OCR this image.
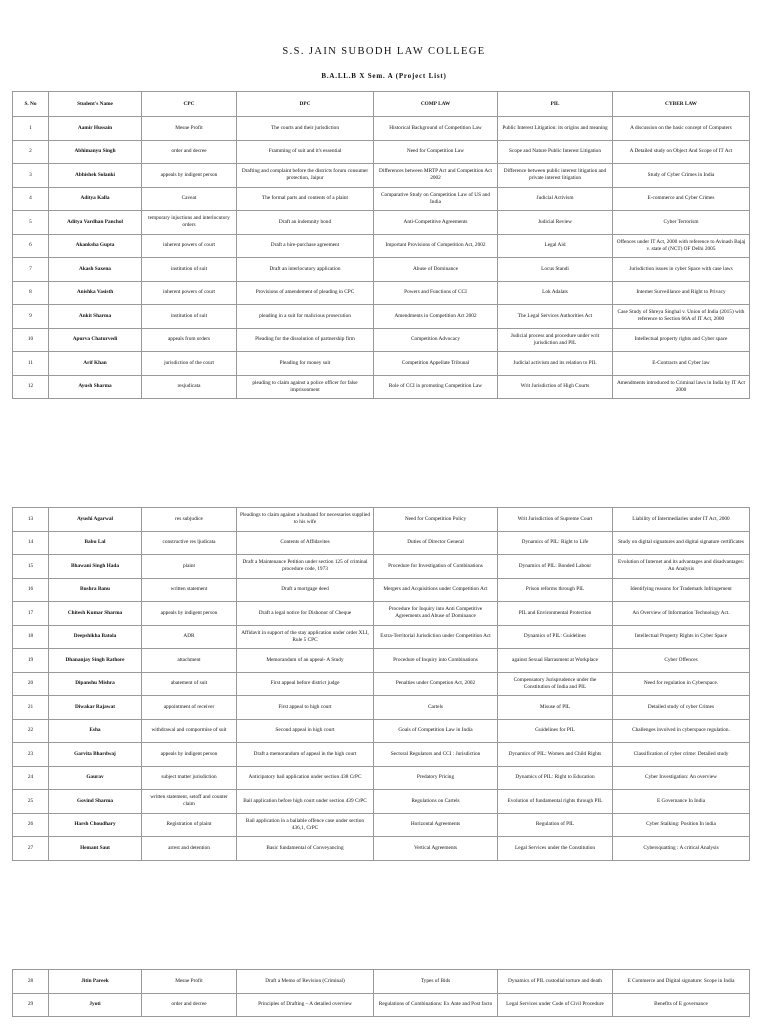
S.S. JAIN SUBODH LAW COLLEGE
B.A.LL.B X Sem. A (Project List)
S. No	Student's Name	CPC	DPC	COMP LAW	PIL	CYBER LAW
1	Aamir Hussain	Mesne Profit	The courts and their jurisdiction	Historical Background of Competition Law	Public Interest Litigation: its origins and meaning	A discussion on the basic concept of Computers
2	Abhimanyu Singh	order and decree	Framming of suit and it's essential	Need for Competition Law	Scope and Nature Public Interest Litigation	A Detailed study on Object And Scope of IT Act
3	Abhishek Solanki	appeals by indigent person	Drafting and complaint before the districts forum consumer protection, Jaipur	Differences between MRTP Act and Competition Act 2002	Difference between public interest litigation and private interest litigation	Study of Cyber Crimes in India
4	Aditya Kalla	Caveat	The formal parts and contents of a plaint	Comparative Study on Competition Law of US and India	Judicial Activism	E-commerce and Cyber Crimes
5	Aditya Vardhan Panchol	temporary injuctions and interlocutory orders	Draft an indemnity bond	Anti-Competitive Agreements	Judicial Review	Cyber Terrorism
6	Akanksha Gupta	inherent powers of court	Draft a hire-purchase agreement	Important Provisions of Competition Act, 2002	Legal Aid	Offences under IT Act, 2000 with reference to Avinash Bajaj v. state of (NCT) OF Delhi 2005
7	Akash Saxena	institution of suit	Draft an interlocutory application	Abuse of Dominance	Locus Standi	Jurisdiction issues in cyber Space with case laws
8	Anishka Vasisth	inherent powers of court	Provisions of amendement of pleading in CPC	Powers and Functions of CCI	Lok Adalats	Internet Surveillance and Right to Privacy
9	Ankit Sharma	institution of suit	pleading in a suit for malicious prosecution	Amendments in Competition Act 2002	The Legal Services Authorities Act	Case Study of Shreya Singhal v. Union of India (2015) with reference to Section 66A of IT Act, 2000
10	Apurva Chaturvedi	appeals from orders	Pleading for the dissolution of partnership firm	Competition Advocacy	Judicial process and procedure under writ jurisdiction and PIL	Intellectual property rights and Cyber space
11	Arif Khan	jurisdiction of the court	Pleading for money suit	Competition Appellate Tribunal	Judicial activism and its relation to PIL	E-Contracts and Cyber law
12	Ayush Sharma	resjudicata	pleading to claim against a police officer for false imprisonment	Role of CCI in promoting Competition Law	Writ Jurisdiction of High Courts	Amendments introduced to Criminal laws in India by IT Act 2000
13	Ayushi Agarwal	res subjudice	Pleadings to claim against a husband for necessaries supplied to his wife	Need for Competition Policy	Writ Jurisdiction of Supreme Court	Liability of Intermediaries under IT Act, 2000
14	Babu Lal	constructive res ljudicata	Contents of Affidavites	Duties of Director General	Dynamics of PIL: Right to Life	Study on digital signatures and digital signature certificates
15	Bhawani Singh Hada	plaint	Draft a Maintenance Petition under section 125 of criminal procedure code, 1973	Procedure for Investigation of Combinations	Dynamics of PIL: Bonded Labour	Evolution of Internet and its advantages and disadvantages: An Analysis
16	Bushra Banu	written statement	Draft a mortgage deed	Mergers and Acquisitions under Competition Act	Prison reforms through PIL	Identifying reasons for Trademark Infringement
17	Chitesh Kumar Sharma	appeals by indigent person	Draft a legal notice for Dishonor of Cheque	Procedure for Inquiry into Anti Competitive Agreements and Abuse of Dominance	PIL and Environmental Protection	An Overview of Information Technology Act.
18	Deepshikha Batola	ADR	Affidavit in support of the stay application under order XLI, Rule 5 CPC	Extra-Territorial Jurisdiction under Competition Act	Dynamics of PIL: Guidelines	Intellectual Property Rights in Cyber Space
19	Dhananjay Singh Rathore	attachment	Memorandum of an appeal- A Study	Procedure of Inquiry into Combinations	against Sexual Harrasment at Workplace	Cyber Offences
20	Dipanshu Mishra	abatement of suit	First appeal before district judge	Penalties under Competion Act, 2002	Compensatory Jurisprudence under the Constitution of India and PIL	Need for regulation in Cyberspace.
21	Diwakar Rajawat	appointment of receiver	First appeal to high court	Cartels	Misuse of PIL	Detailed study of cyber Crimes
22	Esha	withdrawal and compormise of suit	Second appeal in high court	Goals of Competition Law in India	Guidelines for PIL	Challenges involved in cyberspace regulation.
23	Garvita Bhardwaj	appeals by indigent person	Draft a memorandum of appeal in the high court	Sectoral Regulators and CCI : Jurisdiction	Dynamics of PIL: Women and Child Rights	Classification of cyber crime: Detailed study
24	Gaurav	subject matter jurisdiction	Anticipatory bail application under section 438 CrPC	Predatory Pricing	Dynamics of PIL: Right to Education	Cyber Investigation: An overview
25	Govind Sharma	written statement, setoff and counter claim	Bail application before high court under section 439 CrPC	Regulations on Cartels	Evolution of fundamental rights through PIL	E Governance In India
26	Harsh Choudhary	Registration of plaint	Bail application in a bailable offence case under section 436,1, CrPC	Horizontal Agreements	Regulation of PIL	Cyber Stalking: Position In india
27	Hemant Saut	arrest and detention	Basic fundamental of Conveyancing	Vertical Agreements	Legal Services under the Constitution	Cybersquatting : A critical Analysis
28	Jitin Pareek	Mesne Profit	Draft a Memo of Revision (Criminal)	Types of Bids	Dynamics of PIL custodial torture and death	E Commerce and Digital signature: Scope in India
29	Jyoti	order and decree	Principles of Drafting – A detailed overview	Regulations of Combinations: Ex Ante and Post facto	Legal Services under Code of Civil Procedure	Benefits of E governance
